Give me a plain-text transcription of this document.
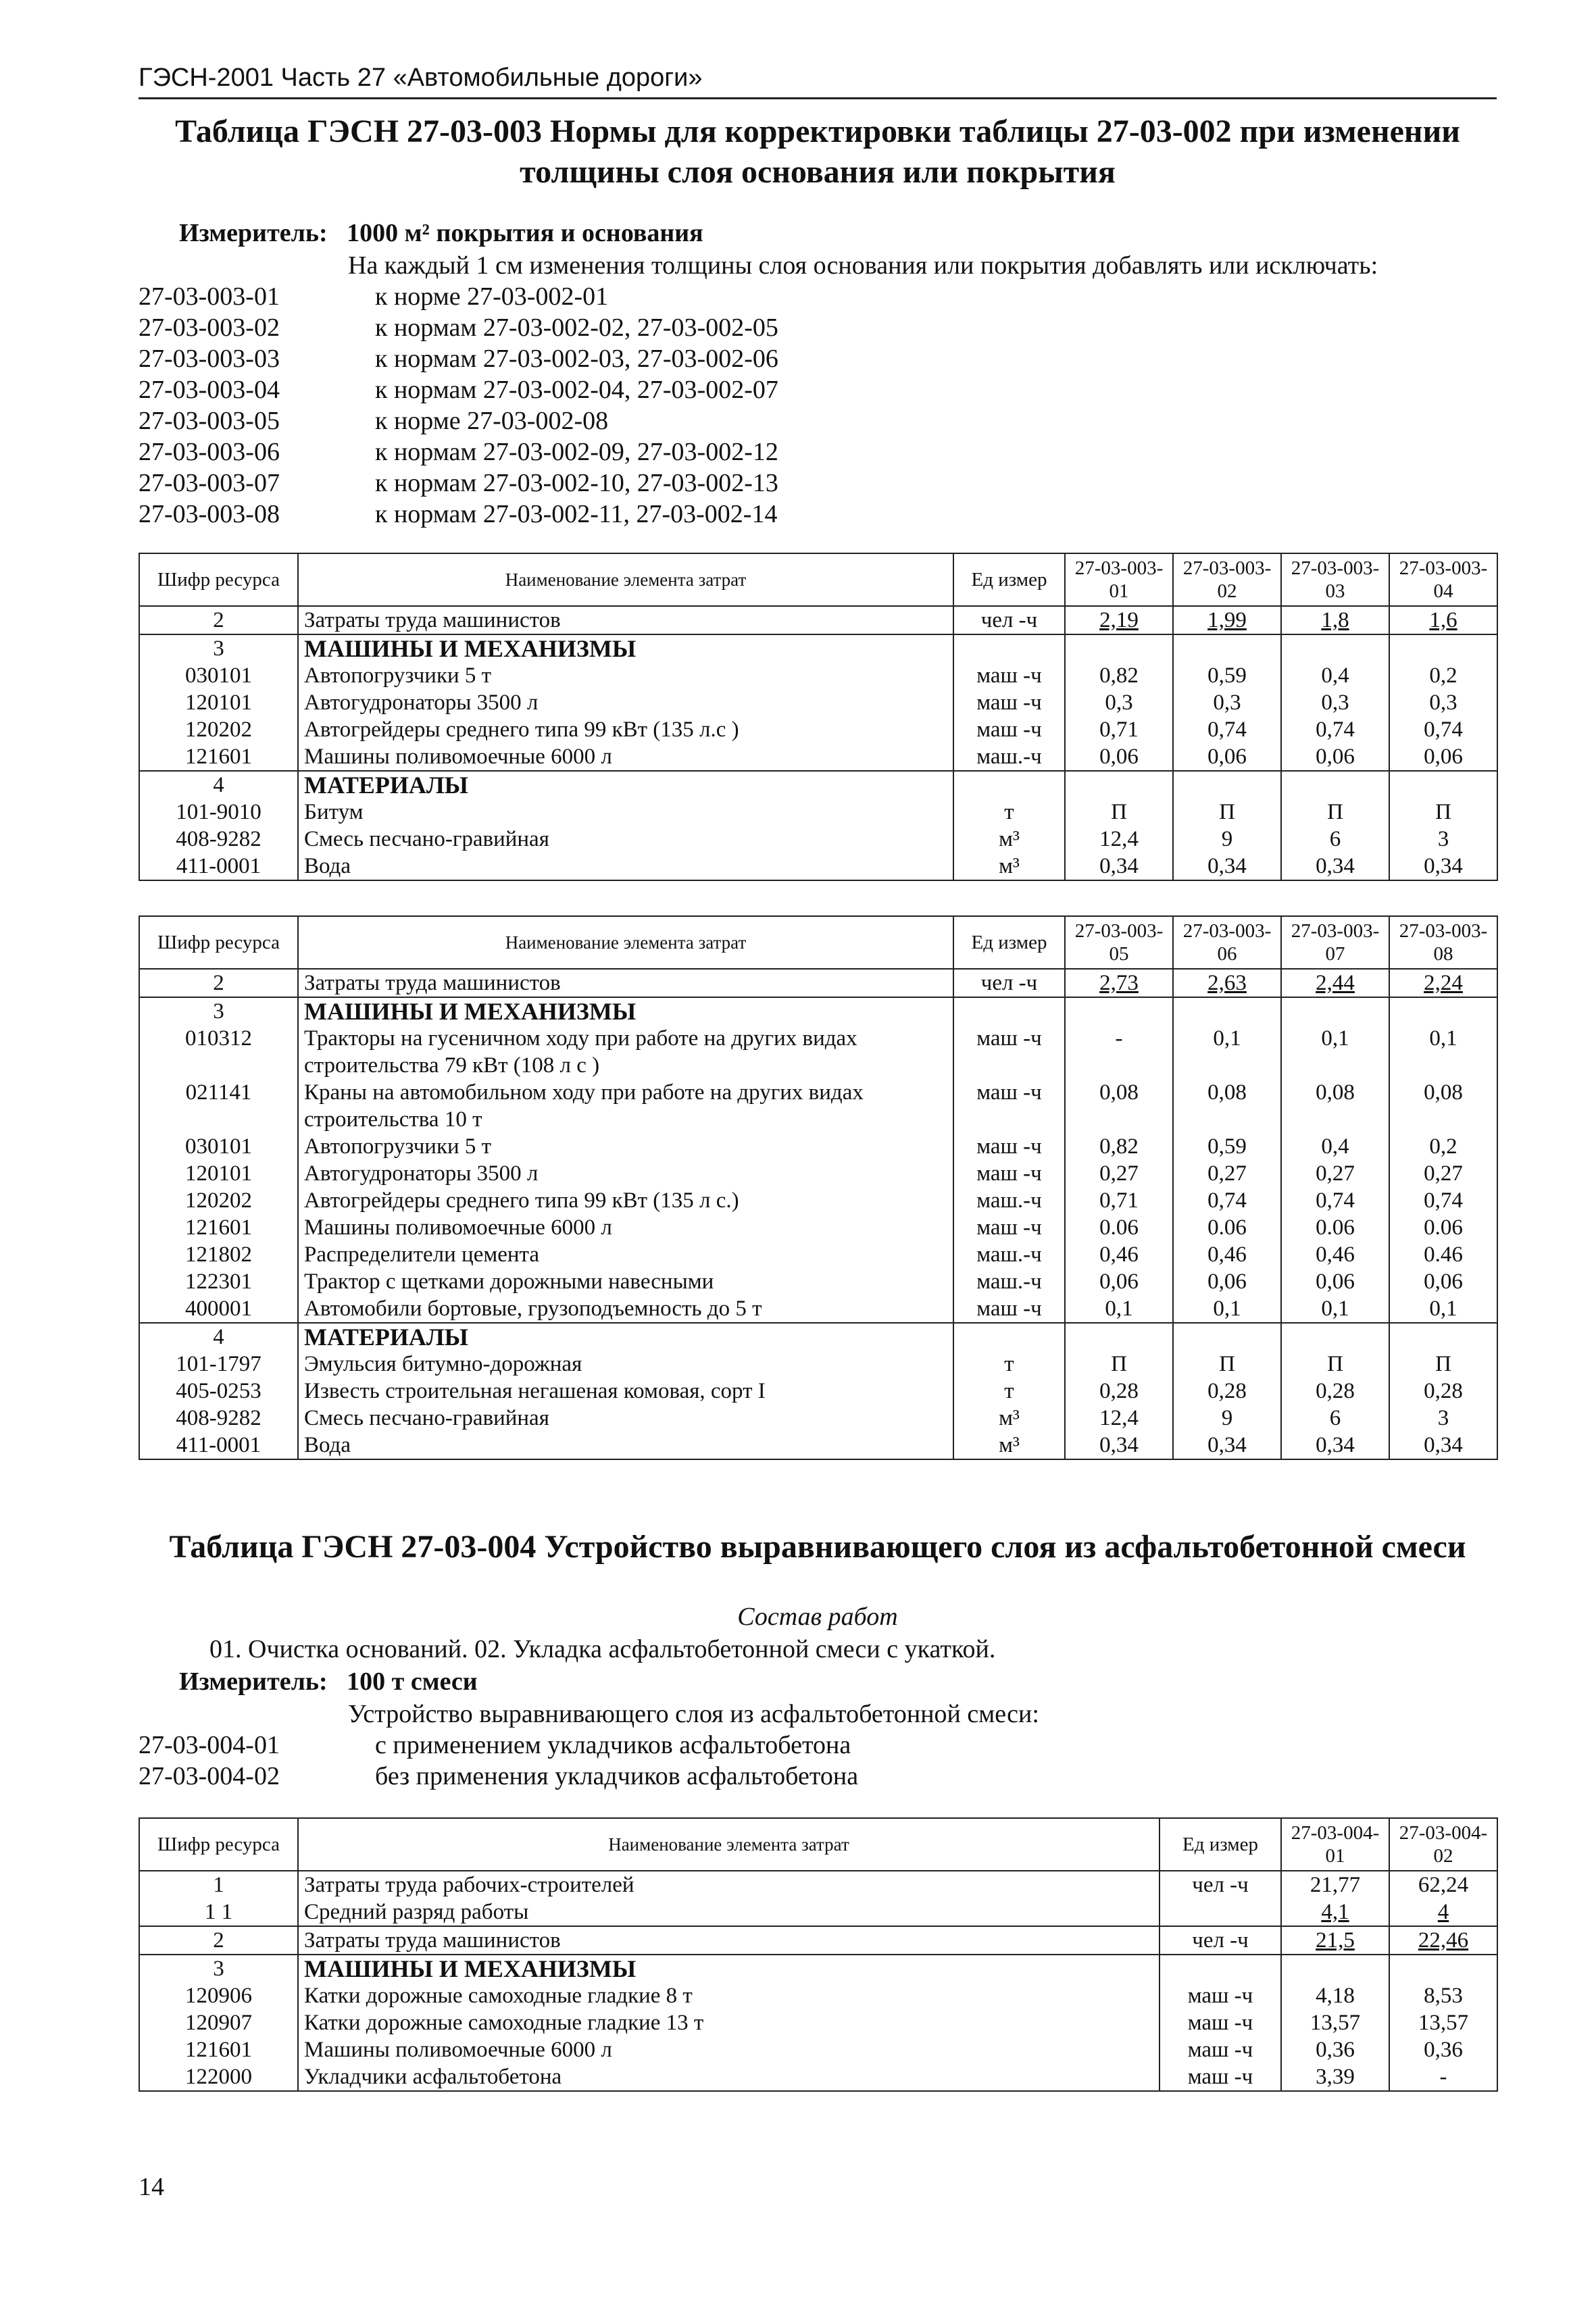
ГЭСН-2001 Часть 27 «Автомобильные дороги»
Таблица ГЭСН 27-03-003 Нормы для корректировки таблицы 27-03-002 при изменении
толщины слоя основания или покрытия
Измеритель: 1000 м² покрытия и основания
На каждый 1 см изменения толщины слоя основания или покрытия добавлять или исключать:
27-03-003-01	к норме 27-03-002-01
27-03-003-02	к нормам 27-03-002-02, 27-03-002-05
27-03-003-03	к нормам 27-03-002-03, 27-03-002-06
27-03-003-04	к нормам 27-03-002-04, 27-03-002-07
27-03-003-05	к норме 27-03-002-08
27-03-003-06	к нормам 27-03-002-09, 27-03-002-12
27-03-003-07	к нормам 27-03-002-10, 27-03-002-13
27-03-003-08	к нормам 27-03-002-11, 27-03-002-14
Шифр ресурса	Наименование элемента затрат	Ед измер	27-03-003-01	27-03-003-02	27-03-003-03	27-03-003-04
2	Затраты труда машинистов	чел -ч	2,19	1,99	1,8	1,6
3	МАШИНЫ И МЕХАНИЗМЫ					
030101	Автопогрузчики 5 т	маш -ч	0,82	0,59	0,4	0,2
120101	Автогудронаторы 3500 л	маш -ч	0,3	0,3	0,3	0,3
120202	Автогрейдеры среднего типа 99 кВт (135 л.с )	маш -ч	0,71	0,74	0,74	0,74
121601	Машины поливомоечные 6000 л	маш.-ч	0,06	0,06	0,06	0,06
4	МАТЕРИАЛЫ					
101-9010	Битум	т	П	П	П	П
408-9282	Смесь песчано-гравийная	м³	12,4	9	6	3
411-0001	Вода	м³	0,34	0,34	0,34	0,34
Шифр ресурса	Наименование элемента затрат	Ед измер	27-03-003-05	27-03-003-06	27-03-003-07	27-03-003-08
2	Затраты труда машинистов	чел -ч	2,73	2,63	2,44	2,24
3	МАШИНЫ И МЕХАНИЗМЫ					
010312	Тракторы на гусеничном ходу при работе на других видах строительства 79 кВт (108 л с )	маш -ч	-	0,1	0,1	0,1
021141	Краны на автомобильном ходу при работе на других видах строительства 10 т	маш -ч	0,08	0,08	0,08	0,08
030101	Автопогрузчики 5 т	маш -ч	0,82	0,59	0,4	0,2
120101	Автогудронаторы 3500 л	маш -ч	0,27	0,27	0,27	0,27
120202	Автогрейдеры среднего типа 99 кВт (135 л с.)	маш.-ч	0,71	0,74	0,74	0,74
121601	Машины поливомоечные 6000 л	маш -ч	0.06	0.06	0.06	0.06
121802	Распределители цемента	маш.-ч	0,46	0,46	0,46	0.46
122301	Трактор с щетками дорожными навесными	маш.-ч	0,06	0,06	0,06	0,06
400001	Автомобили бортовые, грузоподъемность до 5 т	маш -ч	0,1	0,1	0,1	0,1
4	МАТЕРИАЛЫ					
101-1797	Эмульсия битумно-дорожная	т	П	П	П	П
405-0253	Известь строительная негашеная комовая, сорт I	т	0,28	0,28	0,28	0,28
408-9282	Смесь песчано-гравийная	м³	12,4	9	6	3
411-0001	Вода	м³	0,34	0,34	0,34	0,34
Таблица ГЭСН 27-03-004 Устройство выравнивающего слоя из асфальтобетонной смеси
Состав работ
01. Очистка оснований. 02. Укладка асфальтобетонной смеси с укаткой.
Измеритель: 100 т смеси
Устройство выравнивающего слоя из асфальтобетонной смеси:
27-03-004-01	с применением укладчиков асфальтобетона
27-03-004-02	без применения укладчиков асфальтобетона
Шифр ресурса	Наименование элемента затрат	Ед измер	27-03-004-01	27-03-004-02
1	Затраты труда рабочих-строителей	чел -ч	21,77	62,24
1 1	Средний разряд работы		4,1	4
2	Затраты труда машинистов	чел -ч	21,5	22,46
3	МАШИНЫ И МЕХАНИЗМЫ			
120906	Катки дорожные самоходные гладкие 8 т	маш -ч	4,18	8,53
120907	Катки дорожные самоходные гладкие 13 т	маш -ч	13,57	13,57
121601	Машины поливомоечные 6000 л	маш -ч	0,36	0,36
122000	Укладчики асфальтобетона	маш -ч	3,39	-
14
